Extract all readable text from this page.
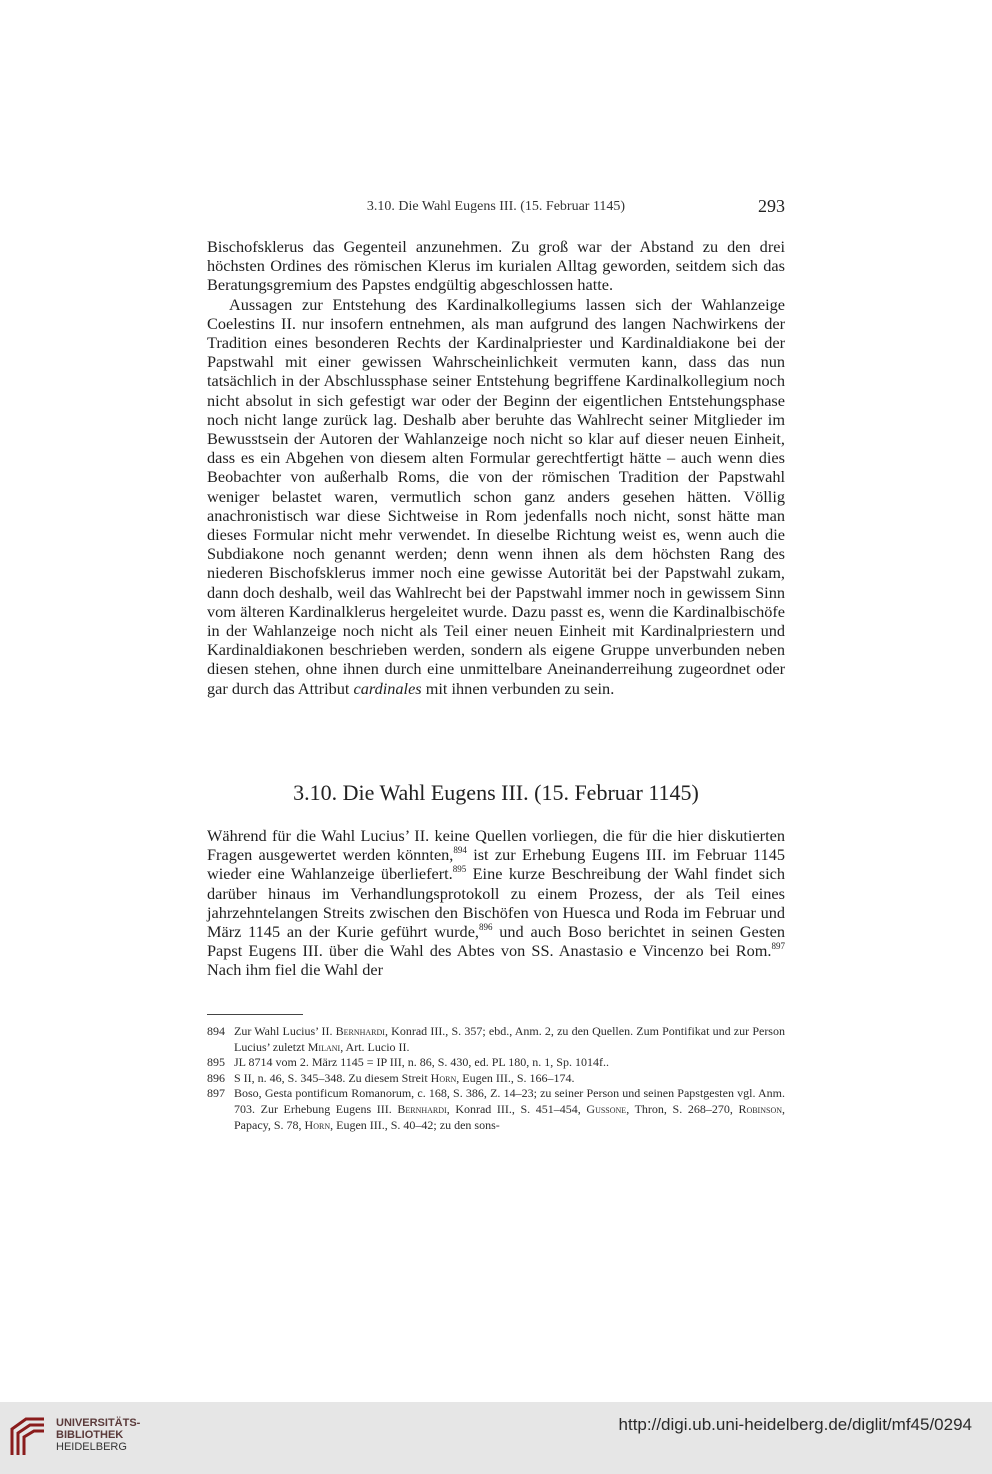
3.10. Die Wahl Eugens III. (15. Februar 1145)	293

Bischofsklerus das Gegenteil anzunehmen. Zu groß war der Abstand zu den drei höchsten Ordines des römischen Klerus im kurialen Alltag geworden, seitdem sich das Beratungsgremium des Papstes endgültig abgeschlossen hatte.

Aussagen zur Entstehung des Kardinalkollegiums lassen sich der Wahlanzeige Coelestins II. nur insofern entnehmen, als man aufgrund des langen Nachwirkens der Tradition eines besonderen Rechts der Kardinalpriester und Kardinaldiakone bei der Papstwahl mit einer gewissen Wahrscheinlichkeit vermuten kann, dass das nun tatsächlich in der Abschlussphase seiner Entstehung begriffene Kardinalkollegium noch nicht absolut in sich gefestigt war oder der Beginn der eigentlichen Entstehungsphase noch nicht lange zurück lag. Deshalb aber beruhte das Wahlrecht seiner Mitglieder im Bewusstsein der Autoren der Wahlanzeige noch nicht so klar auf dieser neuen Einheit, dass es ein Abgehen von diesem alten Formular gerechtfertigt hätte – auch wenn dies Beobachter von außerhalb Roms, die von der römischen Tradition der Papstwahl weniger belastet waren, vermutlich schon ganz anders gesehen hätten. Völlig anachronistisch war diese Sichtweise in Rom jedenfalls noch nicht, sonst hätte man dieses Formular nicht mehr verwendet. In dieselbe Richtung weist es, wenn auch die Subdiakone noch genannt werden; denn wenn ihnen als dem höchsten Rang des niederen Bischofsklerus immer noch eine gewisse Autorität bei der Papstwahl zukam, dann doch deshalb, weil das Wahlrecht bei der Papstwahl immer noch in gewissem Sinn vom älteren Kardinalklerus hergeleitet wurde. Dazu passt es, wenn die Kardinalbischöfe in der Wahlanzeige noch nicht als Teil einer neuen Einheit mit Kardinalpriestern und Kardinaldiakonen beschrieben werden, sondern als eigene Gruppe unverbunden neben diesen stehen, ohne ihnen durch eine unmittelbare Aneinanderreihung zugeordnet oder gar durch das Attribut cardinales mit ihnen verbunden zu sein.

3.10. Die Wahl Eugens III. (15. Februar 1145)

Während für die Wahl Lucius’ II. keine Quellen vorliegen, die für die hier diskutierten Fragen ausgewertet werden könnten,$^{894}$ ist zur Erhebung Eugens III. im Februar 1145 wieder eine Wahlanzeige überliefert.$^{895}$ Eine kurze Beschreibung der Wahl findet sich darüber hinaus im Verhandlungsprotokoll zu einem Prozess, der als Teil eines jahrzehntelangen Streits zwischen den Bischöfen von Huesca und Roda im Februar und März 1145 an der Kurie geführt wurde,$^{896}$ und auch Boso berichtet in seinen Gesten Papst Eugens III. über die Wahl des Abtes von SS. Anastasio e Vincenzo bei Rom.$^{897}$ Nach ihm fiel die Wahl der

894 Zur Wahl Lucius’ II. Bernhardi, Konrad III., S. 357; ebd., Anm. 2, zu den Quellen. Zum Pontifikat und zur Person Lucius’ zuletzt Milani, Art. Lucio II.
895 JL 8714 vom 2. März 1145 = IP III, n. 86, S. 430, ed. PL 180, n. 1, Sp. 1014f..
896 S II, n. 46, S. 345–348. Zu diesem Streit Horn, Eugen III., S. 166–174.
897 Boso, Gesta pontificum Romanorum, c. 168, S. 386, Z. 14–23; zu seiner Person und seinen Papstgesten vgl. Anm. 703. Zur Erhebung Eugens III. Bernhardi, Konrad III., S. 451–454, Gussone, Thron, S. 268–270, Robinson, Papacy, S. 78, Horn, Eugen III., S. 40–42; zu den sons-
UNIVERSITÄTS-
BIBLIOTHEK
HEIDELBERG
http://digi.ub.uni-heidelberg.de/diglit/mf45/0294
